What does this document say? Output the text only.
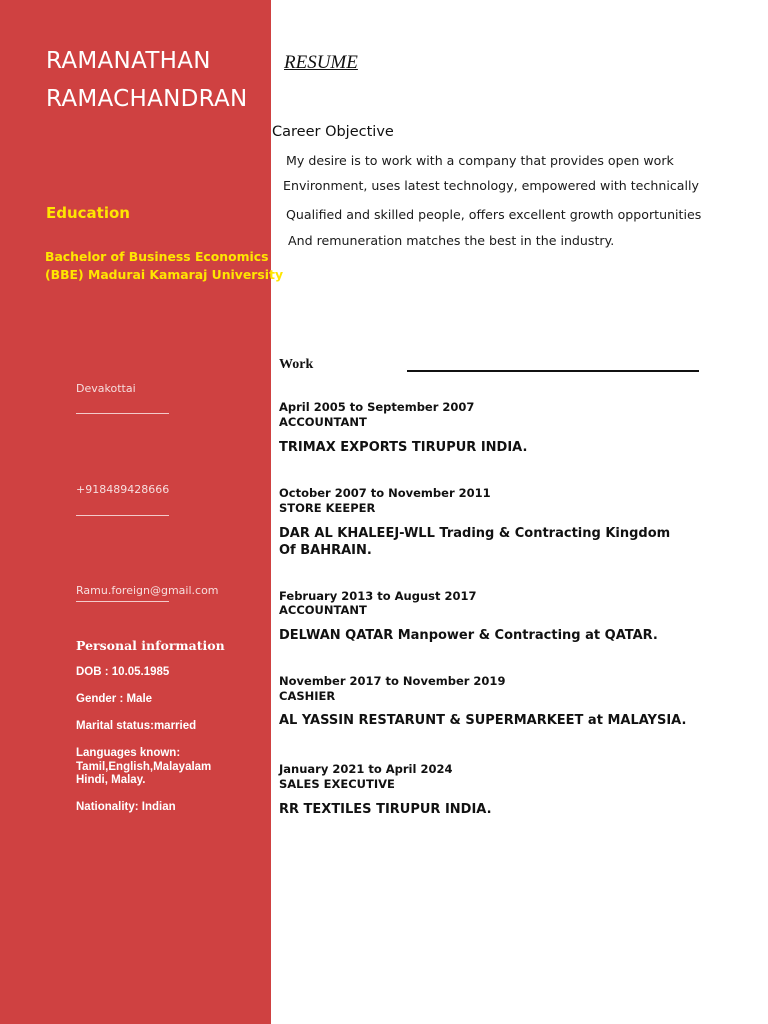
RAMANATHAN
RAMACHANDRAN
Education
Bachelor of Business Economics
(BBE) Madurai Kamaraj University
Devakottai
+918489428666
Ramu.foreign@gmail.com
Personal information
DOB : 10.05.1985
Gender : Male
Marital status:married
Languages known:
Tamil,English,Malayalam
Hindi, Malay.
Nationality: Indian
RESUME
Career Objective
My desire is to work with a company that provides open work
Environment, uses latest technology, empowered with technically
Qualified and skilled people, offers excellent growth opportunities
And remuneration matches the best in the industry.
Work
April 2005 to September 2007
ACCOUNTANT
TRIMAX EXPORTS TIRUPUR INDIA.
October 2007 to November 2011
STORE KEEPER
DAR AL KHALEEJ-WLL Trading & Contracting Kingdom Of BAHRAIN.
February 2013 to August 2017
ACCOUNTANT
DELWAN QATAR Manpower & Contracting at QATAR.
November 2017 to November 2019
CASHIER
AL YASSIN RESTARUNT & SUPERMARKEET at MALAYSIA.
January 2021 to April 2024
SALES EXECUTIVE
RR TEXTILES TIRUPUR INDIA.
